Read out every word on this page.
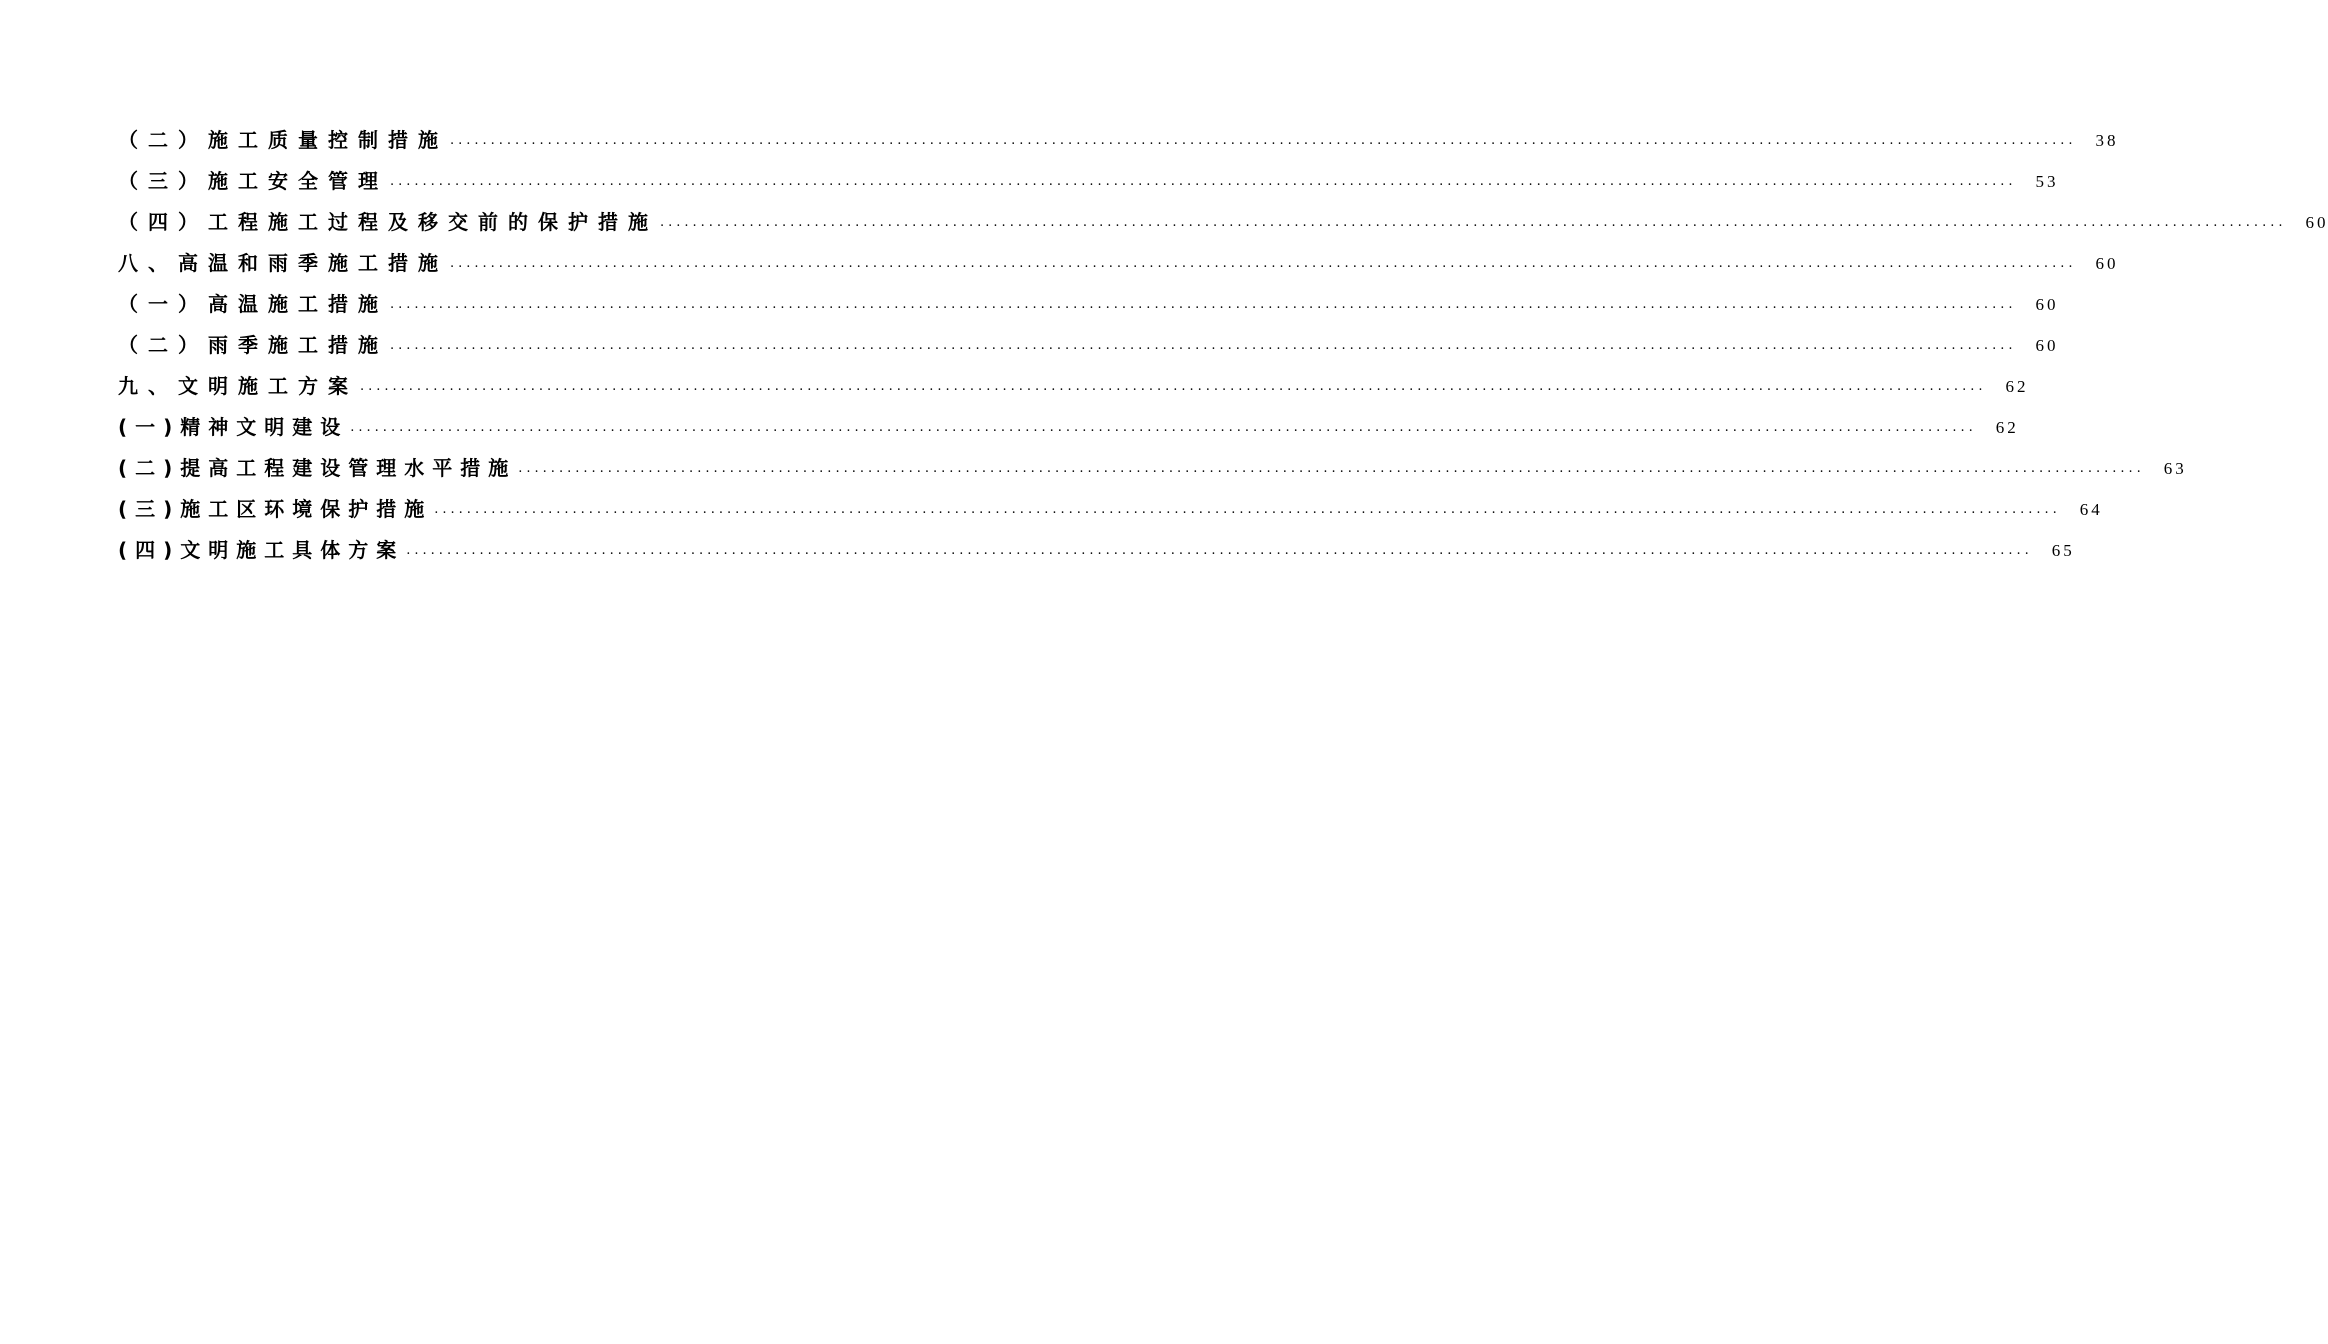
（二）施工质量控制措施 ........................................................................................................................................................................................................ 38
（三）施工安全管理 ........................................................................................................................................................................................................ 53
（四）工程施工过程及移交前的保护措施 ........................................................................................................................................................................................................ 60
八、高温和雨季施工措施 ........................................................................................................................................................................................................ 60
（一）高温施工措施 ........................................................................................................................................................................................................ 60
（二）雨季施工措施 ........................................................................................................................................................................................................ 60
九、文明施工方案 ........................................................................................................................................................................................................ 62
(一)精神文明建设 ........................................................................................................................................................................................................ 62
(二)提高工程建设管理水平措施 ........................................................................................................................................................................................................ 63
(三)施工区环境保护措施 ........................................................................................................................................................................................................ 64
(四)文明施工具体方案 ........................................................................................................................................................................................................ 65
